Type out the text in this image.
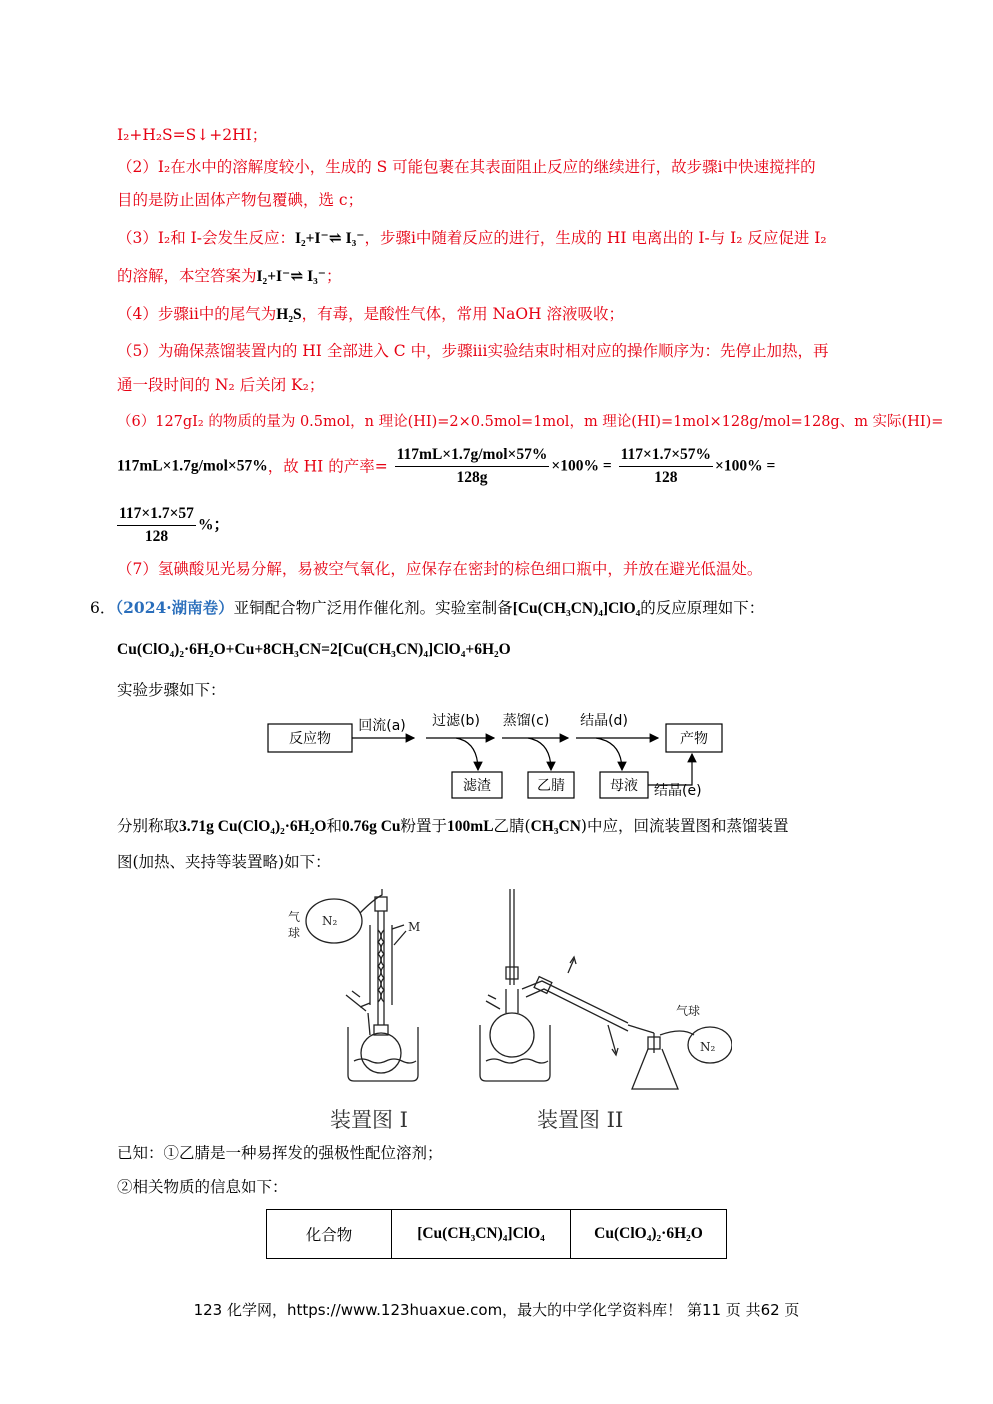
I₂+H₂S=S↓+2HI；
（2）I₂在水中的溶解度较小，生成的 S 可能包裹在其表面阻止反应的继续进行，故步骤i中快速搅拌的
目的是防止固体产物包覆碘，选 c；
（3）I₂和 I-会发生反应：I₂+I⁻⇌ I₃⁻，步骤i中随着反应的进行，生成的 HI 电离出的 I-与 I₂ 反应促进 I₂
的溶解，本空答案为I₂+I⁻⇌ I₃⁻；
（4）步骤ii中的尾气为H₂S，有毒，是酸性气体，常用 NaOH 溶液吸收；
（5）为确保蒸馏装置内的 HI 全部进入 C 中，步骤iii实验结束时相对应的操作顺序为：先停止加热，再
通一段时间的 N₂ 后关闭 K₂；
（6）127gI₂ 的物质的量为 0.5mol，n 理论(HI)=2×0.5mol=1mol，m 理论(HI)=1mol×128g/mol=128g、m 实际(HI)=
117mL×1.7g/mol×57%，故 HI 的产率= $\frac{\text{117mL×1.7g/mol×57\%}}{128g} \times 100\% = \frac{117\times 1.7\times 57\%}{128} \times 100\%$ =
$\frac{117\times 1.7\times 57}{128}$ %；
（7）氢碘酸见光易分解，易被空气氧化，应保存在密封的棕色细口瓶中，并放在避光低温处。
6．（2024·湖南卷）亚铜配合物广泛用作催化剂。实验室制备[Cu(CH₃CN)₄]ClO₄的反应原理如下：
Cu(ClO₄)₂·6H₂O+Cu+8CH₃CN=2[Cu(CH₃CN)₄]ClO₄+6H₂O
实验步骤如下：
反应物
回流(a) 过滤(b)
滤渣
蒸馏(c)
乙腈
结晶(d)
母液
产物
结晶(e)
分别称取3.71g Cu(ClO₄)₂·6H₂O和0.76g Cu粉置于100mL乙腈(CH₃CN)中应，回流装置图和蒸馏装置
图(加热、夹持等装置略)如下：
气
球
N₂	M
气球
N₂
装置图 I	装置图 II
已知：①乙腈是一种易挥发的强极性配位溶剂；
②相关物质的信息如下：
化合物	[Cu(CH₃CN)₄]ClO₄	Cu(ClO₄)₂·6H₂O
123 化学网，https://www.123huaxue.com，最大的中学化学资料库！ 第11 页 共62 页
